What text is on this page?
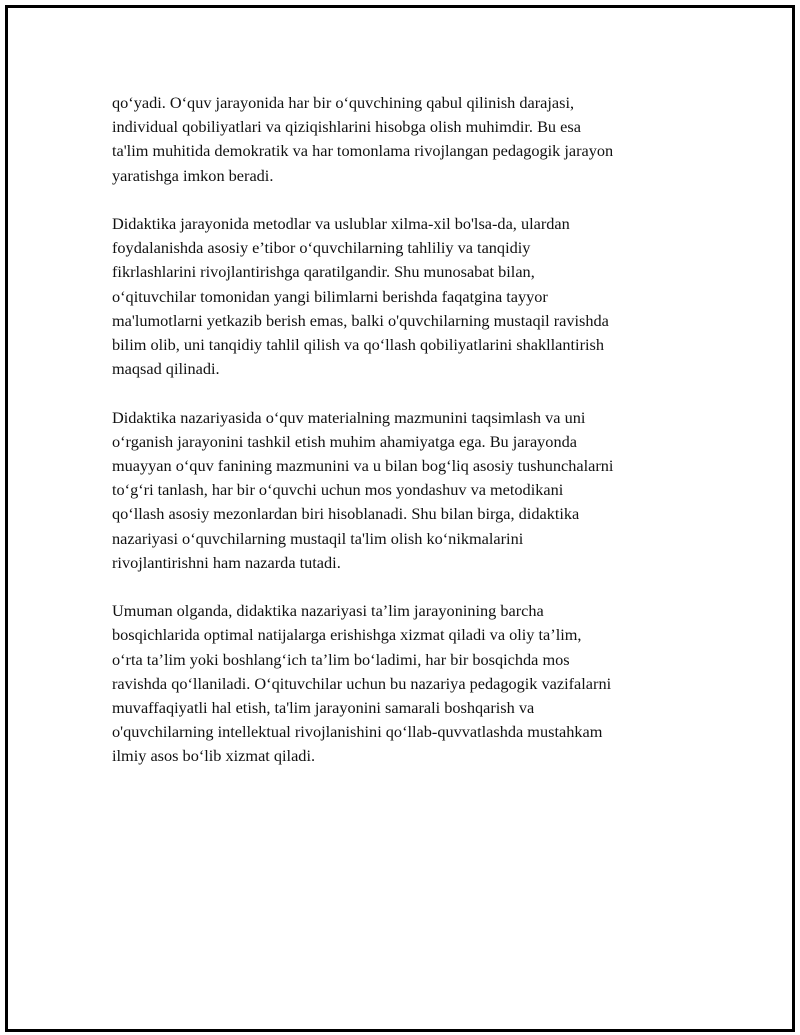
qo‘yadi. O‘quv jarayonida har bir o‘quvchining qabul qilinish darajasi,
individual qobiliyatlari va qiziqishlarini hisobga olish muhimdir. Bu esa
ta'lim muhitida demokratik va har tomonlama rivojlangan pedagogik jarayon
yaratishga imkon beradi.

Didaktika jarayonida metodlar va uslublar xilma-xil bo'lsa-da, ulardan
foydalanishda asosiy e’tibor o‘quvchilarning tahliliy va tanqidiy
fikrlashlarini rivojlantirishga qaratilgandir. Shu munosabat bilan,
o‘qituvchilar tomonidan yangi bilimlarni berishda faqatgina tayyor
ma'lumotlarni yetkazib berish emas, balki o'quvchilarning mustaqil ravishda
bilim olib, uni tanqidiy tahlil qilish va qo‘llash qobiliyatlarini shakllantirish
maqsad qilinadi.

Didaktika nazariyasida o‘quv materialning mazmunini taqsimlash va uni
o‘rganish jarayonini tashkil etish muhim ahamiyatga ega. Bu jarayonda
muayyan o‘quv fanining mazmunini va u bilan bog‘liq asosiy tushunchalarni
to‘g‘ri tanlash, har bir o‘quvchi uchun mos yondashuv va metodikani
qo‘llash asosiy mezonlardan biri hisoblanadi. Shu bilan birga, didaktika
nazariyasi o‘quvchilarning mustaqil ta'lim olish ko‘nikmalarini
rivojlantirishni ham nazarda tutadi.

Umuman olganda, didaktika nazariyasi ta’lim jarayonining barcha
bosqichlarida optimal natijalarga erishishga xizmat qiladi va oliy ta’lim,
o‘rta ta’lim yoki boshlang‘ich ta’lim bo‘ladimi, har bir bosqichda mos
ravishda qo‘llaniladi. O‘qituvchilar uchun bu nazariya pedagogik vazifalarni
muvaffaqiyatli hal etish, ta'lim jarayonini samarali boshqarish va
o'quvchilarning intellektual rivojlanishini qo‘llab-quvvatlashda mustahkam
ilmiy asos bo‘lib xizmat qiladi.
